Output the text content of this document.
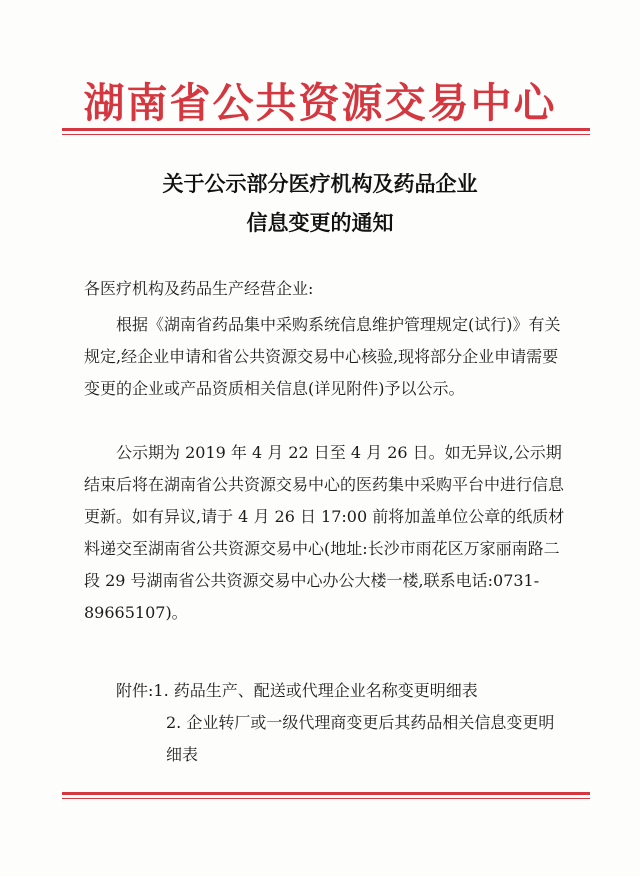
湖南省公共资源交易中心
关于公示部分医疗机构及药品企业
信息变更的通知
各医疗机构及药品生产经营企业:
根据《湖南省药品集中采购系统信息维护管理规定(试行)》有关规定,经企业申请和省公共资源交易中心核验,现将部分企业申请需要变更的企业或产品资质相关信息(详见附件)予以公示。
公示期为 2019 年 4 月 22 日至 4 月 26 日。如无异议,公示期结束后将在湖南省公共资源交易中心的医药集中采购平台中进行信息更新。如有异议,请于 4 月 26 日 17:00 前将加盖单位公章的纸质材料递交至湖南省公共资源交易中心(地址:长沙市雨花区万家丽南路二段 29 号湖南省公共资源交易中心办公大楼一楼,联系电话:0731-89665107)。
附件:1. 药品生产、配送或代理企业名称变更明细表
2. 企业转厂或一级代理商变更后其药品相关信息变更明细表
